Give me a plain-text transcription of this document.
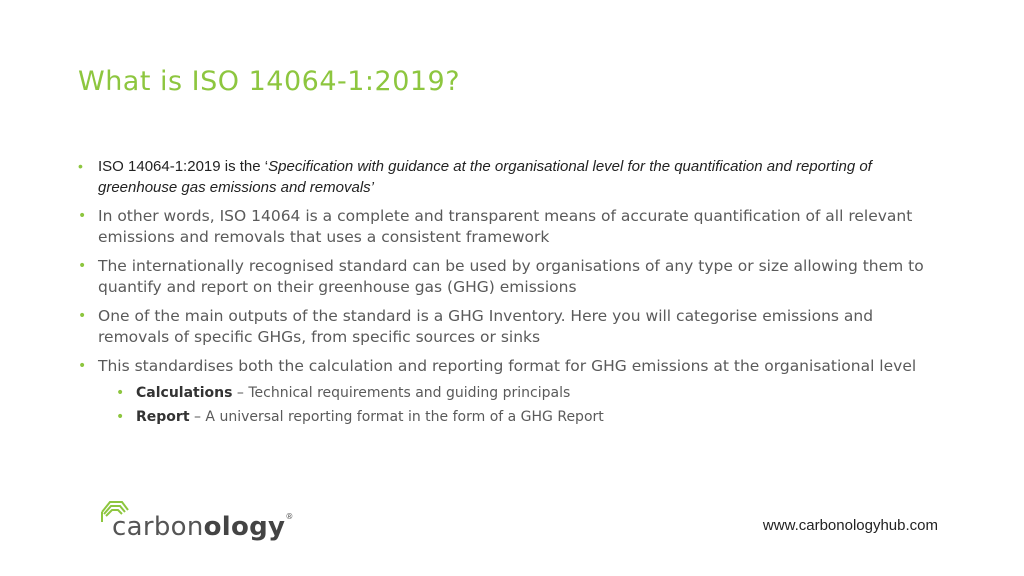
What is ISO 14064-1:2019?
• ISO 14064-1:2019 is the ‘Specification with guidance at the organisational level for the quantification and reporting of greenhouse gas emissions and removals’
• In other words, ISO 14064 is a complete and transparent means of accurate quantification of all relevant emissions and removals that uses a consistent framework
• The internationally recognised standard can be used by organisations of any type or size allowing them to quantify and report on their greenhouse gas (GHG) emissions
• One of the main outputs of the standard is a GHG Inventory. Here you will categorise emissions and removals of specific GHGs, from specific sources or sinks
• This standardises both the calculation and reporting format for GHG emissions at the organisational level
• Calculations – Technical requirements and guiding principals
• Report – A universal reporting format in the form of a GHG Report
carbonology®
www.carbonologyhub.com
